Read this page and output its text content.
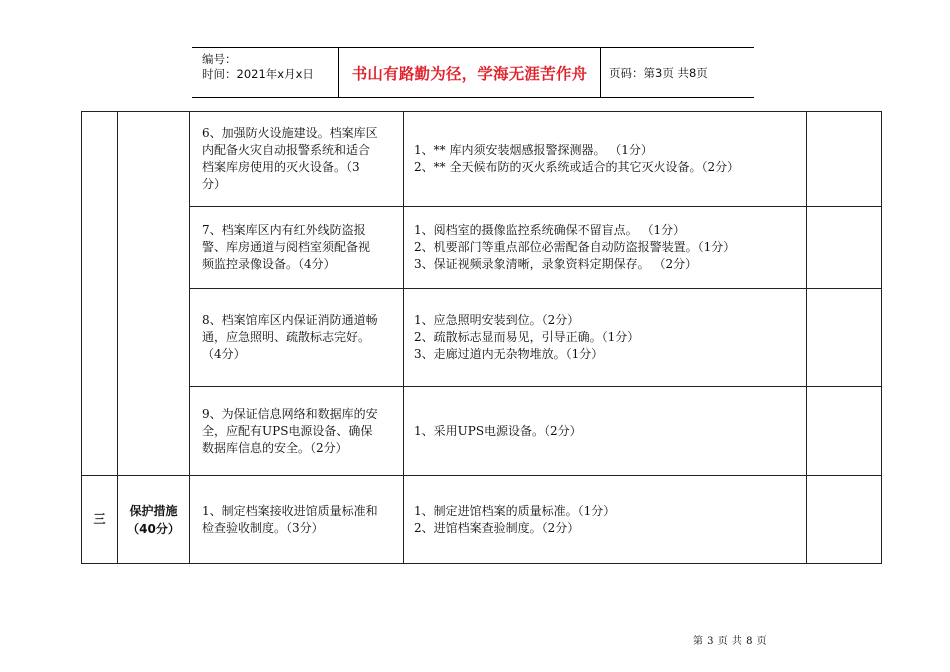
编号：
时间：2021年x月x日	书山有路勤为径，学海无涯苦作舟	页码：第3页 共8页

		6、加强防火设施建设。档案库区
内配备火灾自动报警系统和适合
档案库房使用的灭火设备。（3
分）	1、** 库内须安装烟感报警探测器。 （1分）
2、** 全天候布防的灭火系统或适合的其它灭火设备。（2分）	

		7、档案库区内有红外线防盗报
警、库房通道与阅档室须配备视
频监控录像设备。（4分）	1、阅档室的摄像监控系统确保不留盲点。 （1分）
2、机要部门等重点部位必需配备自动防盗报警装置。（1分）
3、保证视频录象清晰，录象资料定期保存。 （2分）	

		8、档案馆库区内保证消防通道畅
通，应急照明、疏散标志完好。
（4分）	1、应急照明安装到位。（2分）
2、疏散标志显而易见，引导正确。（1分）
3、走廊过道内无杂物堆放。（1分）	

		9、为保证信息网络和数据库的安
全，应配有UPS电源设备、确保
数据库信息的安全。（2分）	1、采用UPS电源设备。（2分）	

三	保护措施
（40分）	1、制定档案接收进馆质量标准和
检查验收制度。（3分）	1、制定进馆档案的质量标准。（1分）
2、进馆档案查验制度。（2分）	

第 3 页 共 8 页
